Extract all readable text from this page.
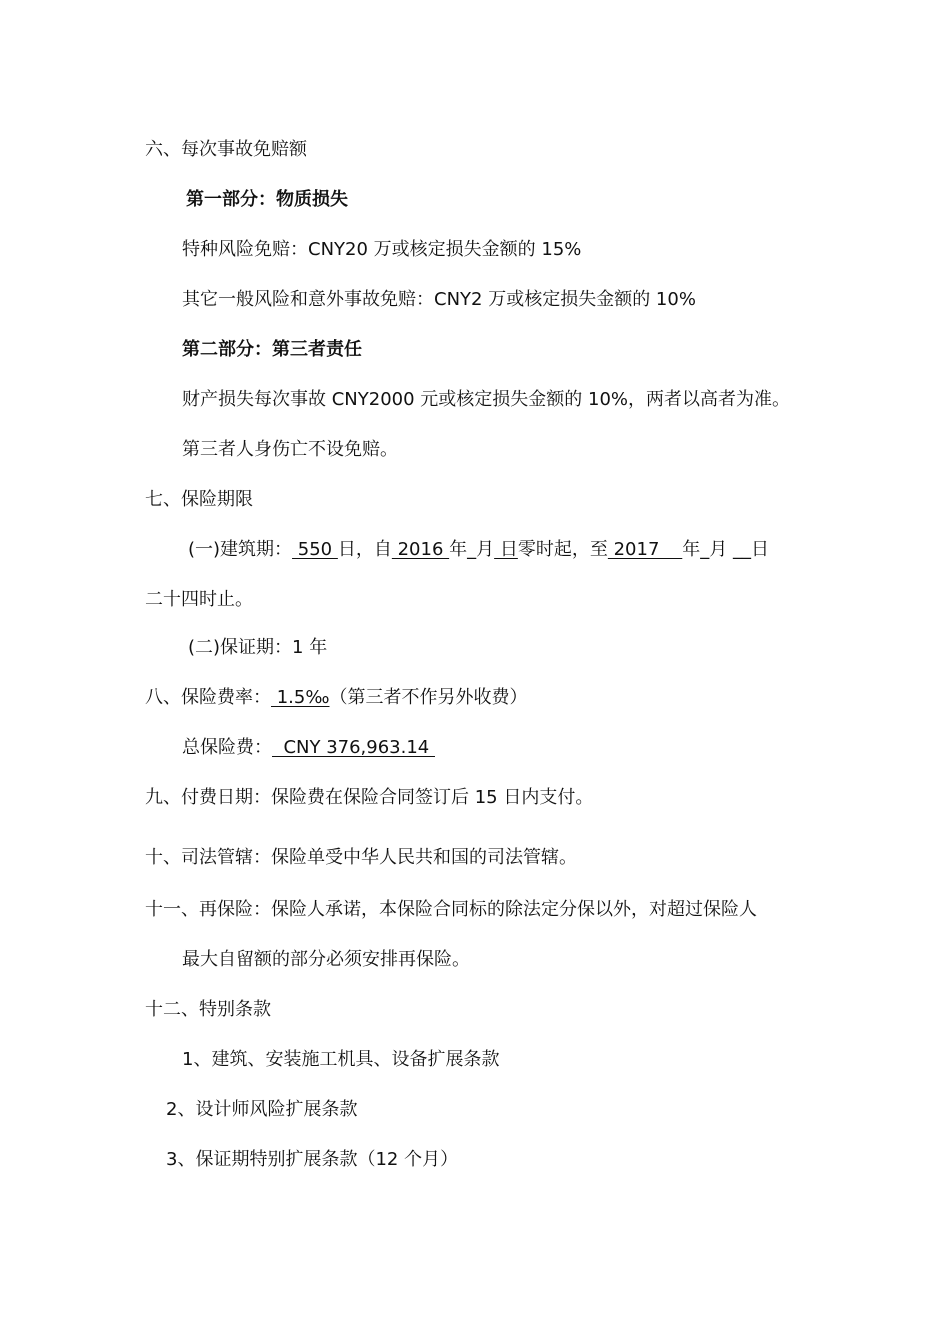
六、每次事故免赔额
第一部分：物质损失
特种风险免赔：CNY20 万或核定损失金额的 15%
其它一般风险和意外事故免赔：CNY2 万或核定损失金额的 10%
第二部分：第三者责任
财产损失每次事故 CNY2000 元或核定损失金额的 10%，两者以高者为准。
第三者人身伤亡不设免赔。
七、保险期限
(一)建筑期： 550 日，自 2016 年_月 日零时起，至 2017    年_月 __日
二十四时止。
(二)保证期：1 年
八、保险费率： 1.5‰（第三者不作另外收费）
总保险费：  CNY 376,963.14
九、付费日期：保险费在保险合同签订后 15 日内支付。
十、司法管辖：保险单受中华人民共和国的司法管辖。
十一、再保险：保险人承诺，本保险合同标的除法定分保以外，对超过保险人
最大自留额的部分必须安排再保险。
十二、特别条款
1、建筑、安装施工机具、设备扩展条款
2、设计师风险扩展条款
3、保证期特别扩展条款（12 个月）
